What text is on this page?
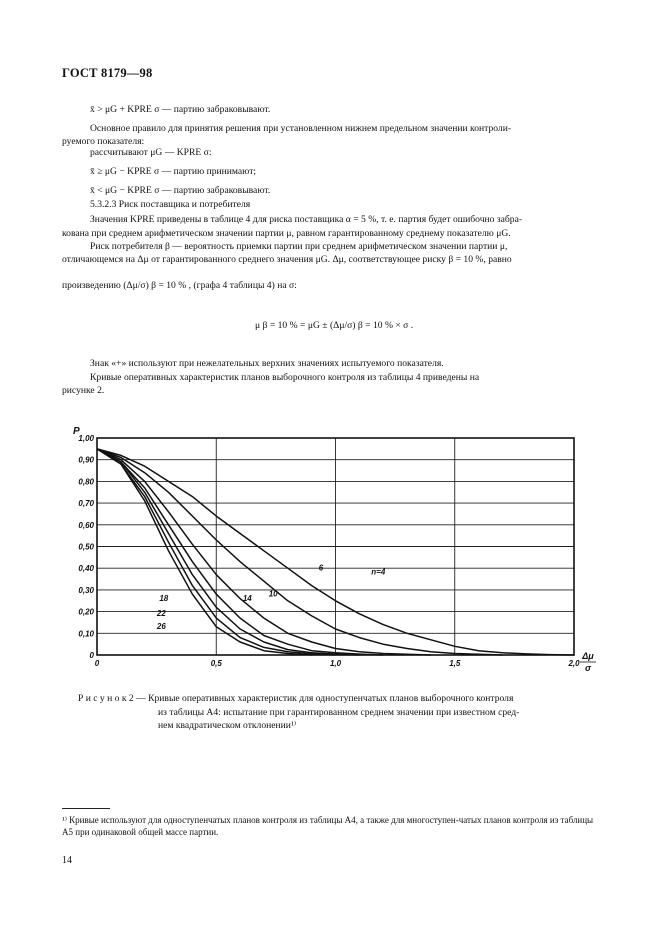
ГОСТ 8179—98
x̄ > μG + KPRE σ — партию забраковывают.
Основное правило для принятия решения при установленном нижнем предельном значении контроли-
руемого показателя:
рассчитывают μG — KPRE σ:
x̄ ≥ μG − KPRE σ — партию принимают;
x̄ < μG − KPRE σ — партию забраковывают.
5.3.2.3 Риск поставщика и потребителя
Значения KPRE приведены в таблице 4 для риска поставщика α = 5 %, т. е. партия будет ошибочно забра-
кована при среднем арифметическом значении партии μ, равном гарантированному среднему показателю μG.
Риск потребителя β — вероятность приемки партии при среднем арифметическом значении партии μ,
отличающемся на Δμ от гарантированного среднего значения μG. Δμ, соответствующее риску β = 10 %, равно
произведению (Δμ/σ) β = 10 % , (графа 4 таблицы 4) на σ:
μ β = 10 % = μG ± (Δμ/σ) β = 10 % × σ .
Знак «+» используют при нежелательных верхних значениях испытуемого показателя.
Кривые оперативных характеристик планов выборочного контроля из таблицы 4 приведены на
рисунке 2.
0
0,10
0,20
0,30
0,40
0,50
0,60
0,70
0,80
0,90
1,00
0	0,5	1,0	1,5	2,0
P
Δμ
σ
n=4
6
10
14
18
22
26
Р и с у н о к 2 — Кривые оперативных характеристик для одноступенчатых планов выборочного контроля
из таблицы А4: испытание при гарантированном среднем значении при известном сред-
нем квадратическом отклонении¹⁾
¹⁾ Кривые используют для одноступенчатых планов контроля из таблицы А4, а также для многоступен-чатых планов контроля из таблицы А5 при одинаковой общей массе партии.
14
